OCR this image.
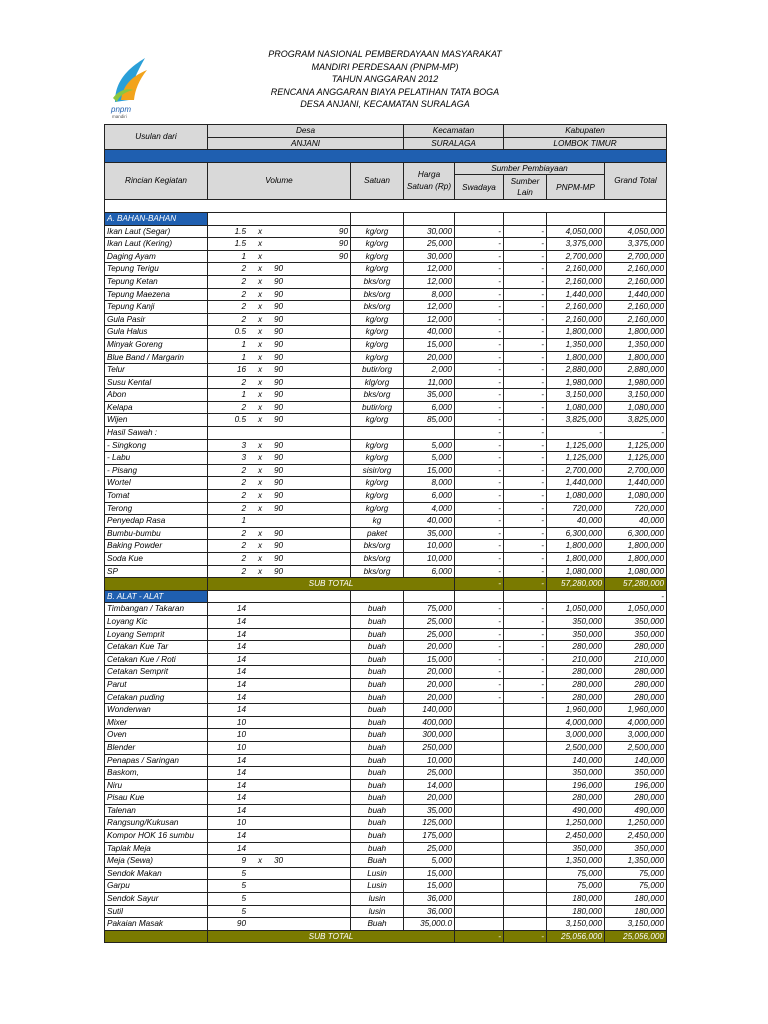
pnpm
mandiri
PROGRAM NASIONAL PEMBERDAYAAN MASYARAKAT
MANDIRI PERDESAAN (PNPM-MP)
TAHUN ANGGARAN 2012
RENCANA ANGGARAN BIAYA PELATIHAN TATA BOGA
DESA ANJANI, KECAMATAN SURALAGA
Usulan dari	Desa		Kecamatan		Kabupaten		
	ANJANI		SURALAGA		LOMBOK TIMUR		

Rincian Kegiatan	Volume	Satuan	Harga Satuan (Rp)	Sumber Pembiayaan			Grand Total
				Swadaya	Sumber Lain	PNPM-MP	

A. BAHAN-BAHAN							
Ikan Laut (Segar)	1.5 x 90	kg/org	30,000	-	-	4,050,000	4,050,000
Ikan Laut (Kering)	1.5 x 90	kg/org	25,000	-	-	3,375,000	3,375,000
Daging Ayam	1 x 90	kg/org	30,000	-	-	2,700,000	2,700,000
Tepung Terigu	2 x 90	kg/org	12,000	-	-	2,160,000	2,160,000
Tepung Ketan	2 x 90	bks/org	12,000	-	-	2,160,000	2,160,000
Tepung Maezena	2 x 90	bks/org	8,000	-	-	1,440,000	1,440,000
Tepung Kanji	2 x 90	bks/org	12,000	-	-	2,160,000	2,160,000
Gula Pasir	2 x 90	kg/org	12,000	-	-	2,160,000	2,160,000
Gula Halus	0.5 x 90	kg/org	40,000	-	-	1,800,000	1,800,000
Minyak Goreng	1 x 90	kg/org	15,000	-	-	1,350,000	1,350,000
Blue Band / Margarin	1 x 90	kg/org	20,000	-	-	1,800,000	1,800,000
Telur	16 x 90	butir/org	2,000	-	-	2,880,000	2,880,000
Susu Kental	2 x 90	klg/org	11,000	-	-	1,980,000	1,980,000
Abon	1 x 90	bks/org	35,000	-	-	3,150,000	3,150,000
Kelapa	2 x 90	butir/org	6,000	-	-	1,080,000	1,080,000
Wijen	0.5 x 90	kg/org	85,000	-	-	3,825,000	3,825,000
Hasil Sawah :				-	-	-	-
- Singkong	3 x 90	kg/org	5,000	-	-	1,125,000	1,125,000
- Labu	3 x 90	kg/org	5,000	-	-	1,125,000	1,125,000
- Pisang	2 x 90	sisir/org	15,000	-	-	2,700,000	2,700,000
Wortel	2 x 90	kg/org	8,000	-	-	1,440,000	1,440,000
Tomat	2 x 90	kg/org	6,000	-	-	1,080,000	1,080,000
Terong	2 x 90	kg/org	4,000	-	-	720,000	720,000
Penyedap Rasa	1	kg	40,000	-	-	40,000	40,000
Bumbu-bumbu	2 x 90	paket	35,000	-	-	6,300,000	6,300,000
Baking Powder	2 x 90	bks/org	10,000	-	-	1,800,000	1,800,000
Soda Kue	2 x 90	bks/org	10,000	-	-	1,800,000	1,800,000
SP	2 x 90	bks/org	6,000	-	-	1,080,000	1,080,000
	SUB TOTAL			-	-	57,280,000	57,280,000
B. ALAT - ALAT							-
Timbangan / Takaran	14	buah	75,000	-	-	1,050,000	1,050,000
Loyang Kic	14	buah	25,000	-	-	350,000	350,000
Loyang Semprit	14	buah	25,000	-	-	350,000	350,000
Cetakan Kue Tar	14	buah	20,000	-	-	280,000	280,000
Cetakan Kue / Roti	14	buah	15,000	-	-	210,000	210,000
Cetakan Semprit	14	buah	20,000	-	-	280,000	280,000
Parut	14	buah	20,000	-	-	280,000	280,000
Cetakan puding	14	buah	20,000	-	-	280,000	280,000
Wonderwan	14	buah	140,000			1,960,000	1,960,000
Mixer	10	buah	400,000			4,000,000	4,000,000
Oven	10	buah	300,000			3,000,000	3,000,000
Blender	10	buah	250,000			2,500,000	2,500,000
Penapas / Saringan	14	buah	10,000			140,000	140,000
Baskom,	14	buah	25,000			350,000	350,000
Niru	14	buah	14,000			196,000	196,000
Pisau Kue	14	buah	20,000			280,000	280,000
Talenan	14	buah	35,000			490,000	490,000
Rangsung/Kukusan	10	buah	125,000			1,250,000	1,250,000
Kompor HOK 16 sumbu	14	buah	175,000			2,450,000	2,450,000
Taplak Meja	14	buah	25,000			350,000	350,000
Meja (Sewa)	9 x 30	Buah	5,000			1,350,000	1,350,000
Sendok Makan	5	Lusin	15,000			75,000	75,000
Garpu	5	Lusin	15,000			75,000	75,000
Sendok Sayur	5	lusin	36,000			180,000	180,000
Sutil	5	lusin	36,000			180,000	180,000
Pakaian Masak	90	Buah	35,000.0			3,150,000	3,150,000
	SUB TOTAL			-	-	25,056,000	25,056,000
